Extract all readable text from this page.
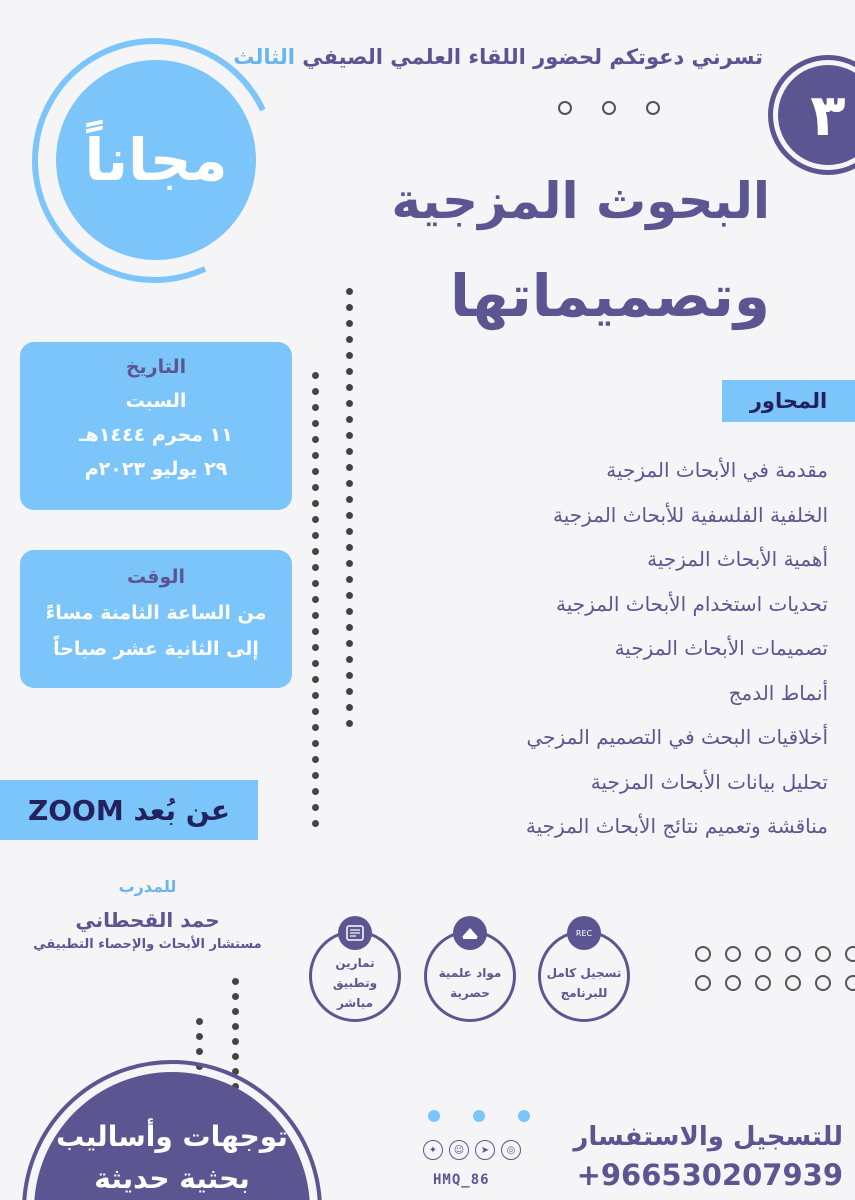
مجاناً
٣
تسرني دعوتكم لحضور اللقاء العلمي الصيفي الثالث
البحوث المزجية
وتصميماتها
التاريخ
السبت
١١ محرم ١٤٤٤هـ
٢٩ يوليو ٢٠٢٣م
الوقت
من الساعة الثامنة مساءً
إلى الثانية عشر صباحاً
المحاور
مقدمة في الأبحاث المزجية
الخلفية الفلسفية للأبحاث المزجية
أهمية الأبحاث المزجية
تحديات استخدام الأبحاث المزجية
تصميمات الأبحاث المزجية
أنماط الدمج
أخلاقيات البحث في التصميم المزجي
تحليل بيانات الأبحاث المزجية
مناقشة وتعميم نتائج الأبحاث المزجية
عن بُعد ZOOM
للمدرب
حمد القحطاني
مستشار الأبحاث والإحصاء التطبيقي
تمارين وتطبيق
مباشر
مواد علمية
حصرية
تسجيل كامل
للبرنامج
REC
توجهات وأساليب
بحثية حديثة
✦	☺	➤	◎
HMQ_86
للتسجيل والاستفسار
+966530207939
